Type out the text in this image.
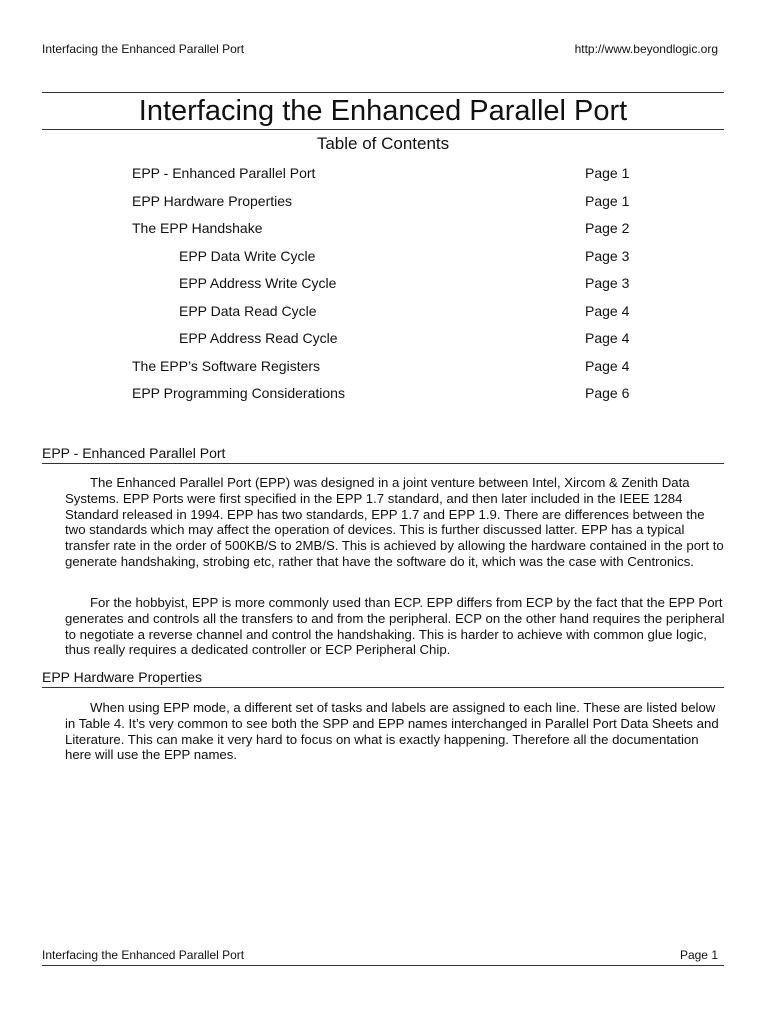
Interfacing the Enhanced Parallel Port	http://www.beyondlogic.org
Interfacing the Enhanced Parallel Port
Table of Contents
EPP - Enhanced Parallel Port	Page 1
EPP Hardware Properties	Page 1
The EPP Handshake	Page 2
EPP Data Write Cycle	Page 3
EPP Address Write Cycle	Page 3
EPP Data Read Cycle	Page 4
EPP Address Read Cycle	Page 4
The EPP’s Software Registers	Page 4
EPP Programming Considerations	Page 6
EPP - Enhanced Parallel Port

The Enhanced Parallel Port (EPP) was designed in a joint venture between Intel, Xircom & Zenith Data Systems. EPP Ports were first specified in the EPP 1.7 standard, and then later included in the IEEE 1284 Standard released in 1994. EPP has two standards, EPP 1.7 and EPP 1.9. There are differences between the two standards which may affect the operation of devices. This is further discussed latter. EPP has a typical transfer rate in the order of 500KB/S to 2MB/S. This is achieved by allowing the hardware contained in the port to generate handshaking, strobing etc, rather that have the software do it, which was the case with Centronics.

For the hobbyist, EPP is more commonly used than ECP. EPP differs from ECP by the fact that the EPP Port generates and controls all the transfers to and from the peripheral. ECP on the other hand requires the peripheral to negotiate a reverse channel and control the handshaking. This is harder to achieve with common glue logic, thus really requires a dedicated controller or ECP Peripheral Chip.

EPP Hardware Properties

When using EPP mode, a different set of tasks and labels are assigned to each line. These are listed below in Table 4. It’s very common to see both the SPP and EPP names interchanged in Parallel Port Data Sheets and Literature. This can make it very hard to focus on what is exactly happening. Therefore all the documentation here will use the EPP names.

Interfacing the Enhanced Parallel Port	Page 1
